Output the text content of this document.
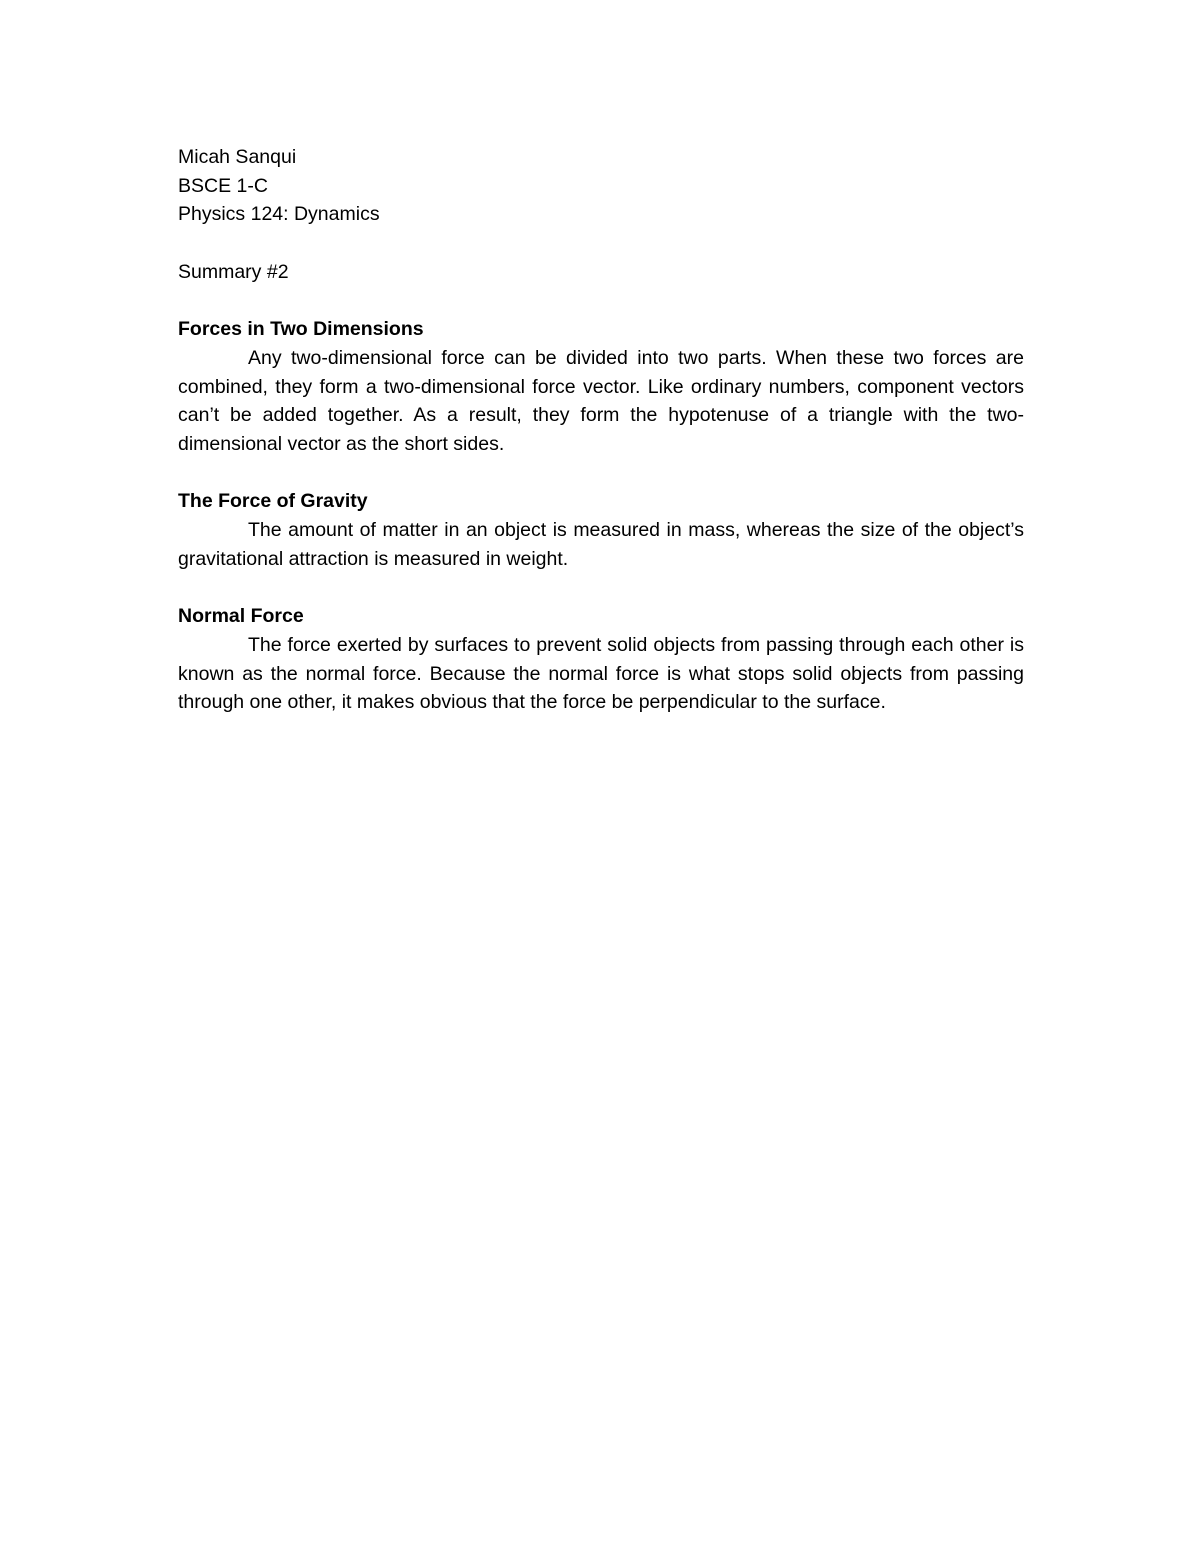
Micah Sanqui

BSCE 1-C

Physics 124: Dynamics

Summary #2

Forces in Two Dimensions

Any two-dimensional force can be divided into two parts. When these two forces are combined, they form a two-dimensional force vector. Like ordinary numbers, component vectors can’t be added together. As a result, they form the hypotenuse of a triangle with the two-dimensional vector as the short sides.

The Force of Gravity

The amount of matter in an object is measured in mass, whereas the size of the object’s gravitational attraction is measured in weight.

Normal Force

The force exerted by surfaces to prevent solid objects from passing through each other is known as the normal force. Because the normal force is what stops solid objects from passing through one other, it makes obvious that the force be perpendicular to the surface.
